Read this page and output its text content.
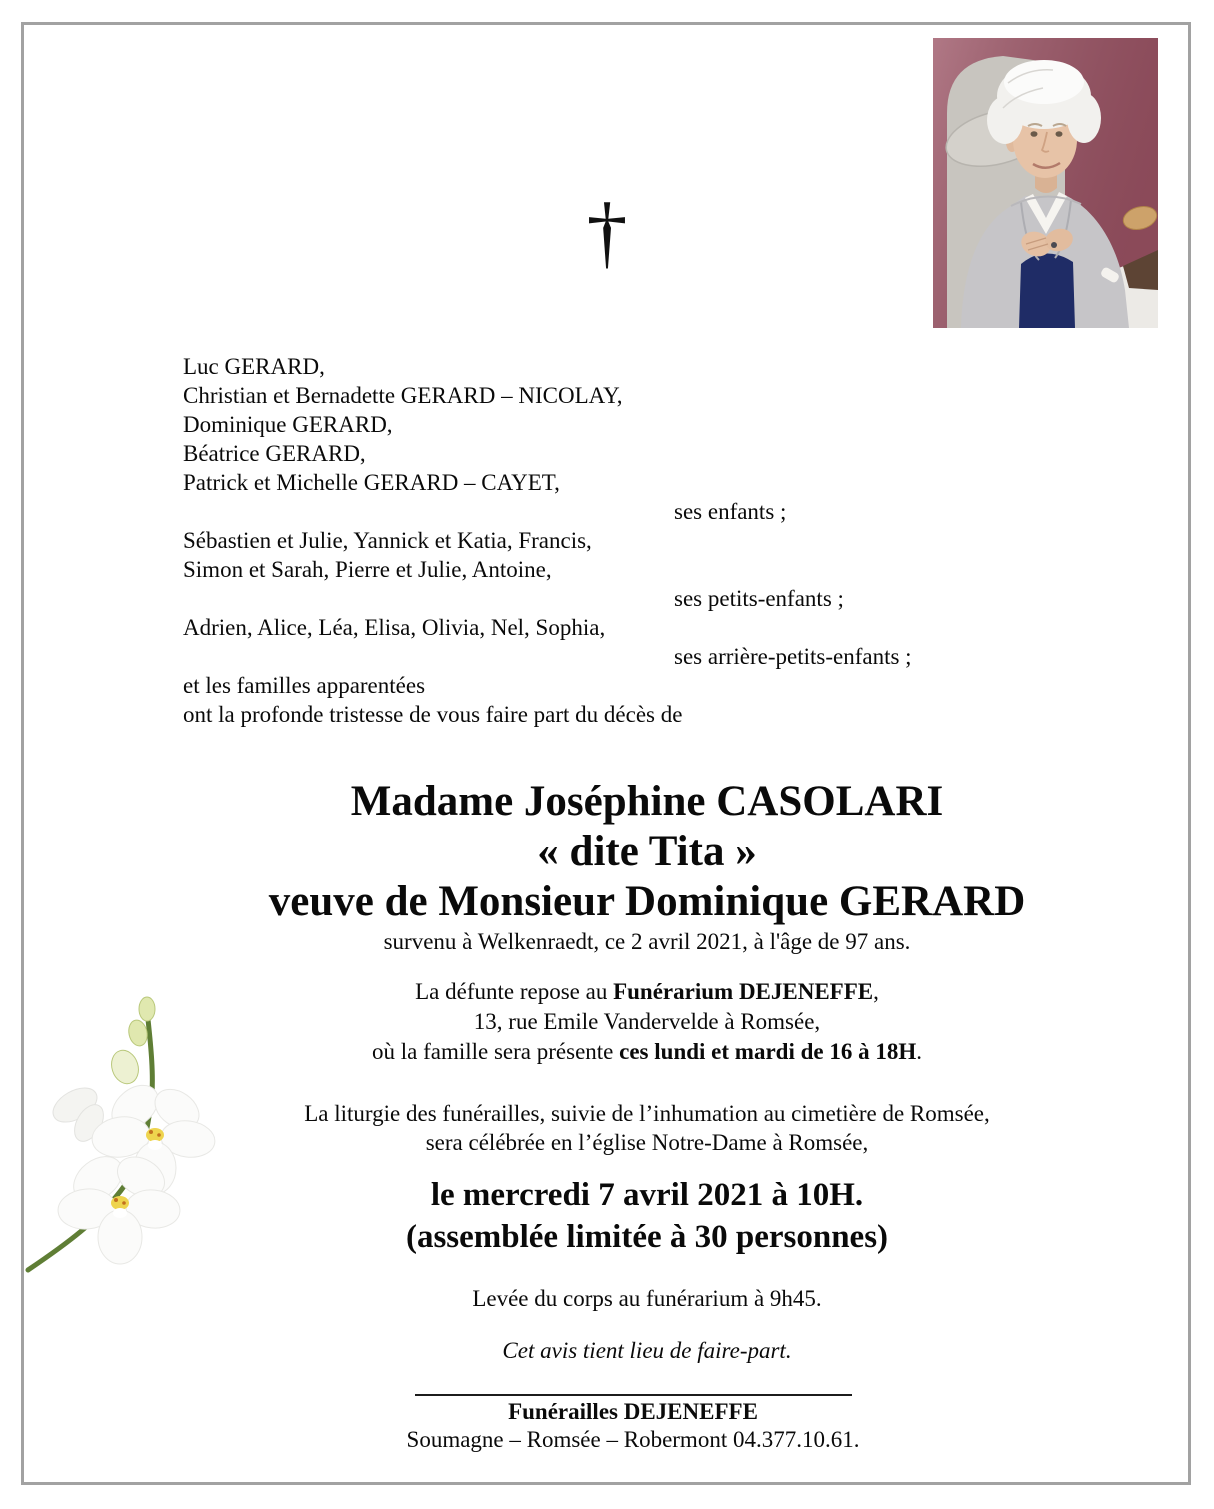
†
Luc GERARD,
Christian et Bernadette GERARD – NICOLAY,
Dominique GERARD,
Béatrice GERARD,
Patrick et Michelle GERARD – CAYET,
ses enfants ;
Sébastien et Julie, Yannick et Katia, Francis,
Simon et Sarah, Pierre et Julie, Antoine,
ses petits-enfants ;
Adrien, Alice, Léa, Elisa, Olivia, Nel, Sophia,
ses arrière-petits-enfants ;
et les familles apparentées
ont la profonde tristesse de vous faire part du décès de
Madame Joséphine CASOLARI
« dite Tita »
veuve de Monsieur Dominique GERARD
survenu à Welkenraedt, ce 2 avril 2021, à l'âge de 97 ans.
La défunte repose au Funérarium DEJENEFFE,
13, rue Emile Vandervelde à Romsée,
où la famille sera présente ces lundi et mardi de 16 à 18H.
La liturgie des funérailles, suivie de l’inhumation au cimetière de Romsée,
sera célébrée en l’église Notre-Dame à Romsée,
le mercredi 7 avril 2021 à 10H.
(assemblée limitée à 30 personnes)
Levée du corps au funérarium à 9h45.
Cet avis tient lieu de faire-part.
Funérailles DEJENEFFE
Soumagne – Romsée – Robermont 04.377.10.61.
